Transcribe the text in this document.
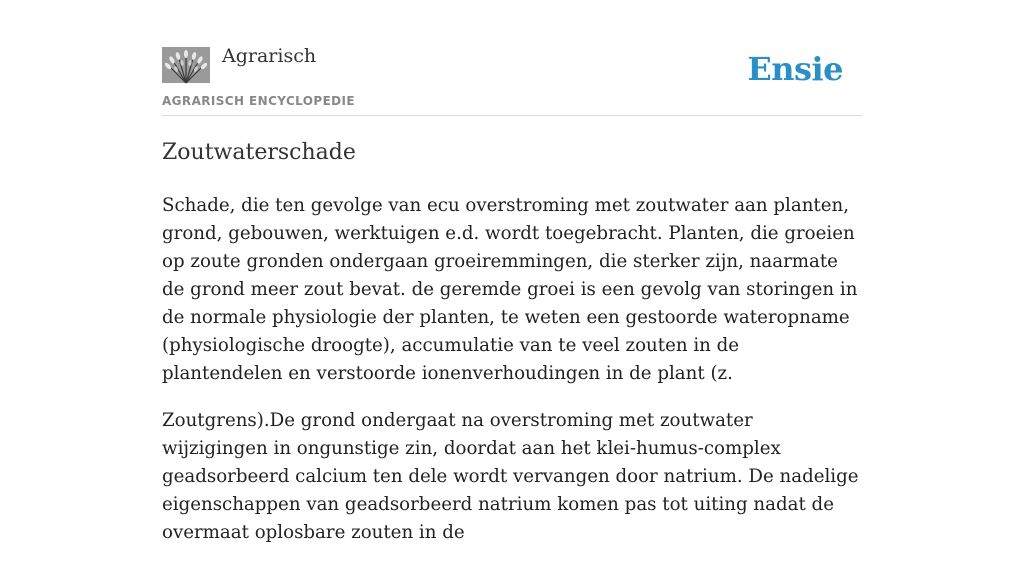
Agrarisch
AGRARISCH ENCYCLOPEDIE
Ensie
Zoutwaterschade

Schade, die ten gevolge van ecu overstroming met zoutwater aan planten, grond, gebouwen, werktuigen e.d. wordt toegebracht. Planten, die groeien op zoute gronden ondergaan groeiremmingen, die sterker zijn, naarmate de grond meer zout bevat. de geremde groei is een gevolg van storingen in de normale physiologie der planten, te weten een gestoorde wateropname (physiologische droogte), accumulatie van te veel zouten in de plantendelen en verstoorde ionenverhoudingen in de plant (z.

Zoutgrens).De grond ondergaat na overstroming met zoutwater wijzigingen in ongunstige zin, doordat aan het klei-humus-complex geadsorbeerd calcium ten dele wordt vervangen door natrium. De nadelige eigenschappen van geadsorbeerd natrium komen pas tot uiting nadat de overmaat oplosbare zouten in de
